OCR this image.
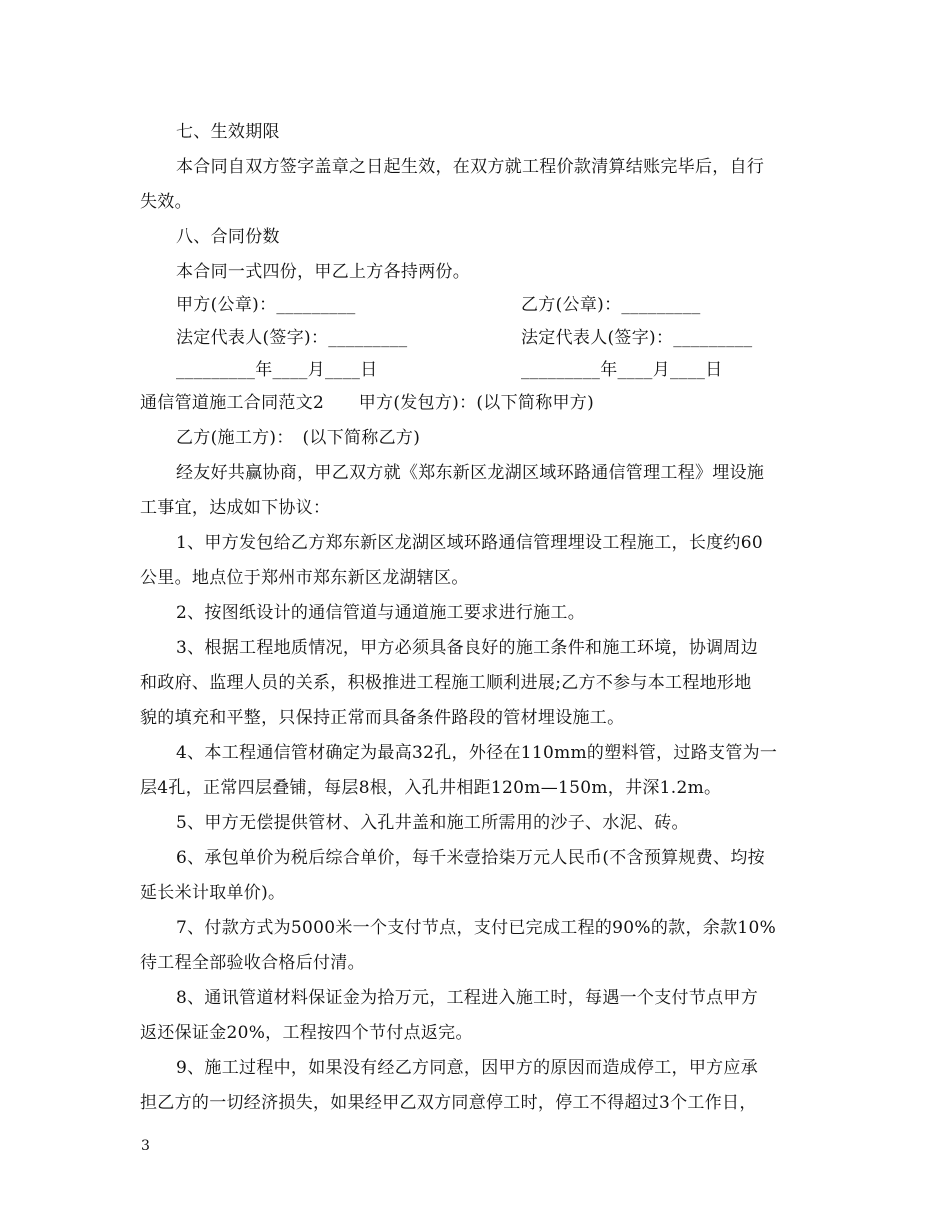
七、生效期限
本合同自双方签字盖章之日起生效，在双方就工程价款清算结账完毕后，自行
失效。
八、合同份数
本合同一式四份，甲乙上方各持两份。
甲方(公章)：_________	乙方(公章)：_________
法定代表人(签字)：_________	法定代表人(签字)：_________
_________年____月____日	_________年____月____日
通信管道施工合同范文2　　甲方(发包方)：(以下简称甲方)
乙方(施工方)：　(以下简称乙方)
经友好共赢协商，甲乙双方就《郑东新区龙湖区域环路通信管理工程》埋设施
工事宜，达成如下协议：
1、甲方发包给乙方郑东新区龙湖区域环路通信管理埋设工程施工，长度约60
公里。地点位于郑州市郑东新区龙湖辖区。
2、按图纸设计的通信管道与通道施工要求进行施工。
3、根据工程地质情况，甲方必须具备良好的施工条件和施工环境，协调周边
和政府、监理人员的关系，积极推进工程施工顺利进展;乙方不参与本工程地形地
貌的填充和平整，只保持正常而具备条件路段的管材埋设施工。
4、本工程通信管材确定为最高32孔，外径在110mm的塑料管，过路支管为一
层4孔，正常四层叠铺，每层8根，入孔井相距120m—150m，井深1.2m。
5、甲方无偿提供管材、入孔井盖和施工所需用的沙子、水泥、砖。
6、承包单价为税后综合单价，每千米壹拾柒万元人民币(不含预算规费、均按
延长米计取单价)。
7、付款方式为5000米一个支付节点，支付已完成工程的90%的款，余款10%
待工程全部验收合格后付清。
8、通讯管道材料保证金为拾万元，工程进入施工时，每遇一个支付节点甲方
返还保证金20%，工程按四个节付点返完。
9、施工过程中，如果没有经乙方同意，因甲方的原因而造成停工，甲方应承
担乙方的一切经济损失，如果经甲乙双方同意停工时，停工不得超过3个工作日，
3
